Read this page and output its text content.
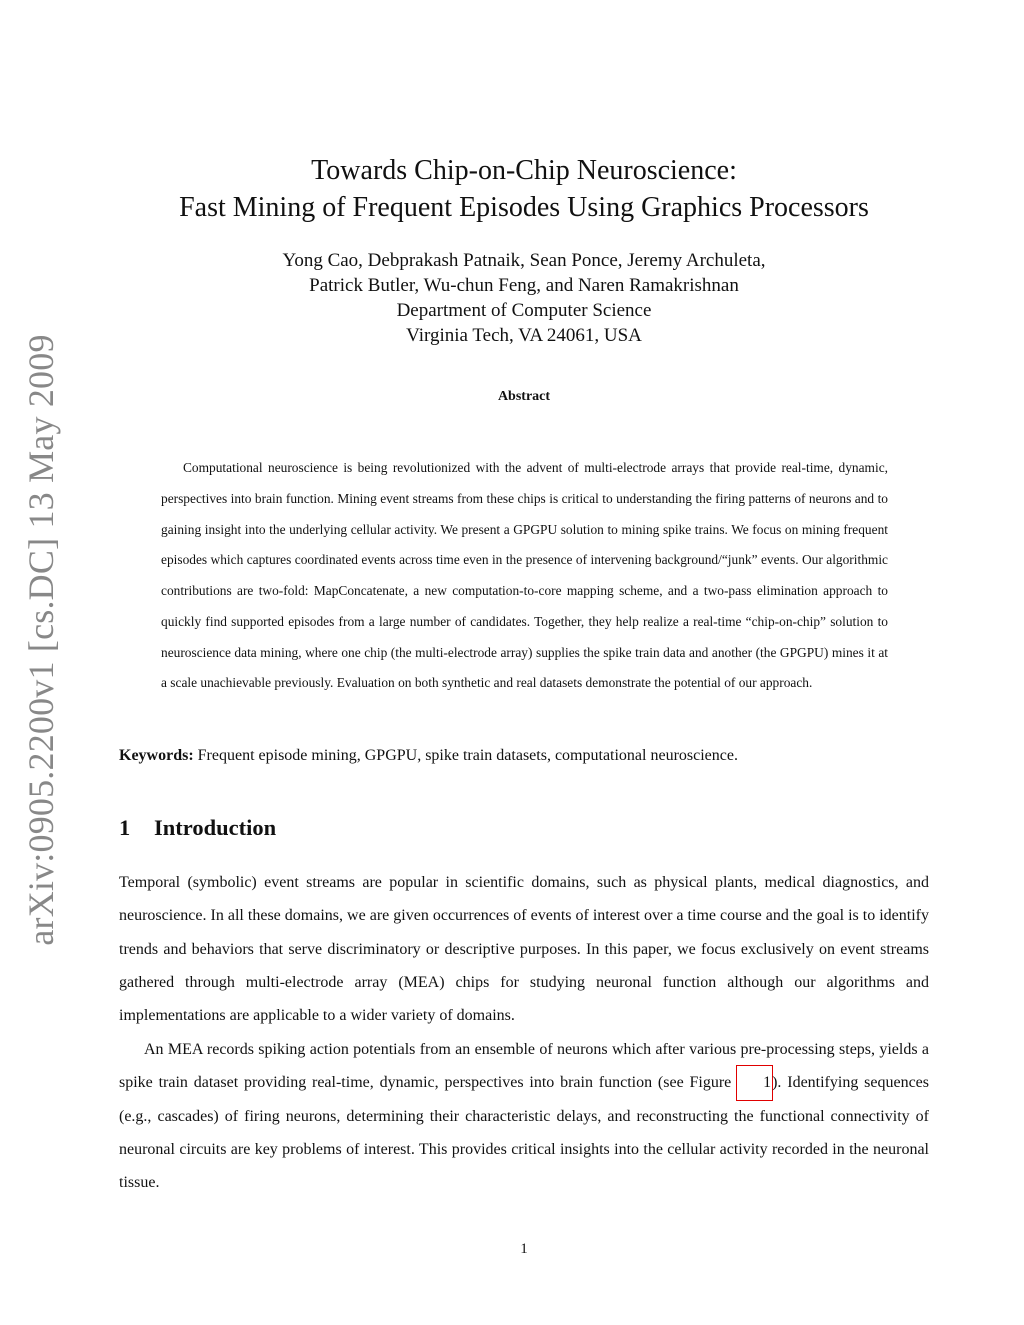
arXiv:0905.2200v1 [cs.DC] 13 May 2009
Towards Chip-on-Chip Neuroscience:
Fast Mining of Frequent Episodes Using Graphics Processors
Yong Cao, Debprakash Patnaik, Sean Ponce, Jeremy Archuleta,
Patrick Butler, Wu-chun Feng, and Naren Ramakrishnan
Department of Computer Science
Virginia Tech, VA 24061, USA
Abstract

Computational neuroscience is being revolutionized with the advent of multi-electrode arrays that provide real-time, dynamic, perspectives into brain function. Mining event streams from these chips is critical to understanding the firing patterns of neurons and to gaining insight into the underlying cellular activity. We present a GPGPU solution to mining spike trains. We focus on mining frequent episodes which captures coordinated events across time even in the presence of intervening background/“junk” events. Our algorithmic contributions are two-fold: MapConcatenate, a new computation-to-core mapping scheme, and a two-pass elimination approach to quickly find supported episodes from a large number of candidates. Together, they help realize a real-time “chip-on-chip” solution to neuroscience data mining, where one chip (the multi-electrode array) supplies the spike train data and another (the GPGPU) mines it at a scale unachievable previously. Evaluation on both synthetic and real datasets demonstrate the potential of our approach.

Keywords: Frequent episode mining, GPGPU, spike train datasets, computational neuroscience.

1 Introduction

Temporal (symbolic) event streams are popular in scientific domains, such as physical plants, medical diagnostics, and neuroscience. In all these domains, we are given occurrences of events of interest over a time course and the goal is to identify trends and behaviors that serve discriminatory or descriptive purposes. In this paper, we focus exclusively on event streams gathered through multi-electrode array (MEA) chips for studying neuronal function although our algorithms and implementations are applicable to a wider variety of domains.

An MEA records spiking action potentials from an ensemble of neurons which after various pre-processing steps, yields a spike train dataset providing real-time, dynamic, perspectives into brain function (see Figure 1). Identifying sequences (e.g., cascades) of firing neurons, determining their characteristic delays, and reconstructing the functional connectivity of neuronal circuits are key problems of interest. This provides critical insights into the cellular activity recorded in the neuronal tissue.

1
